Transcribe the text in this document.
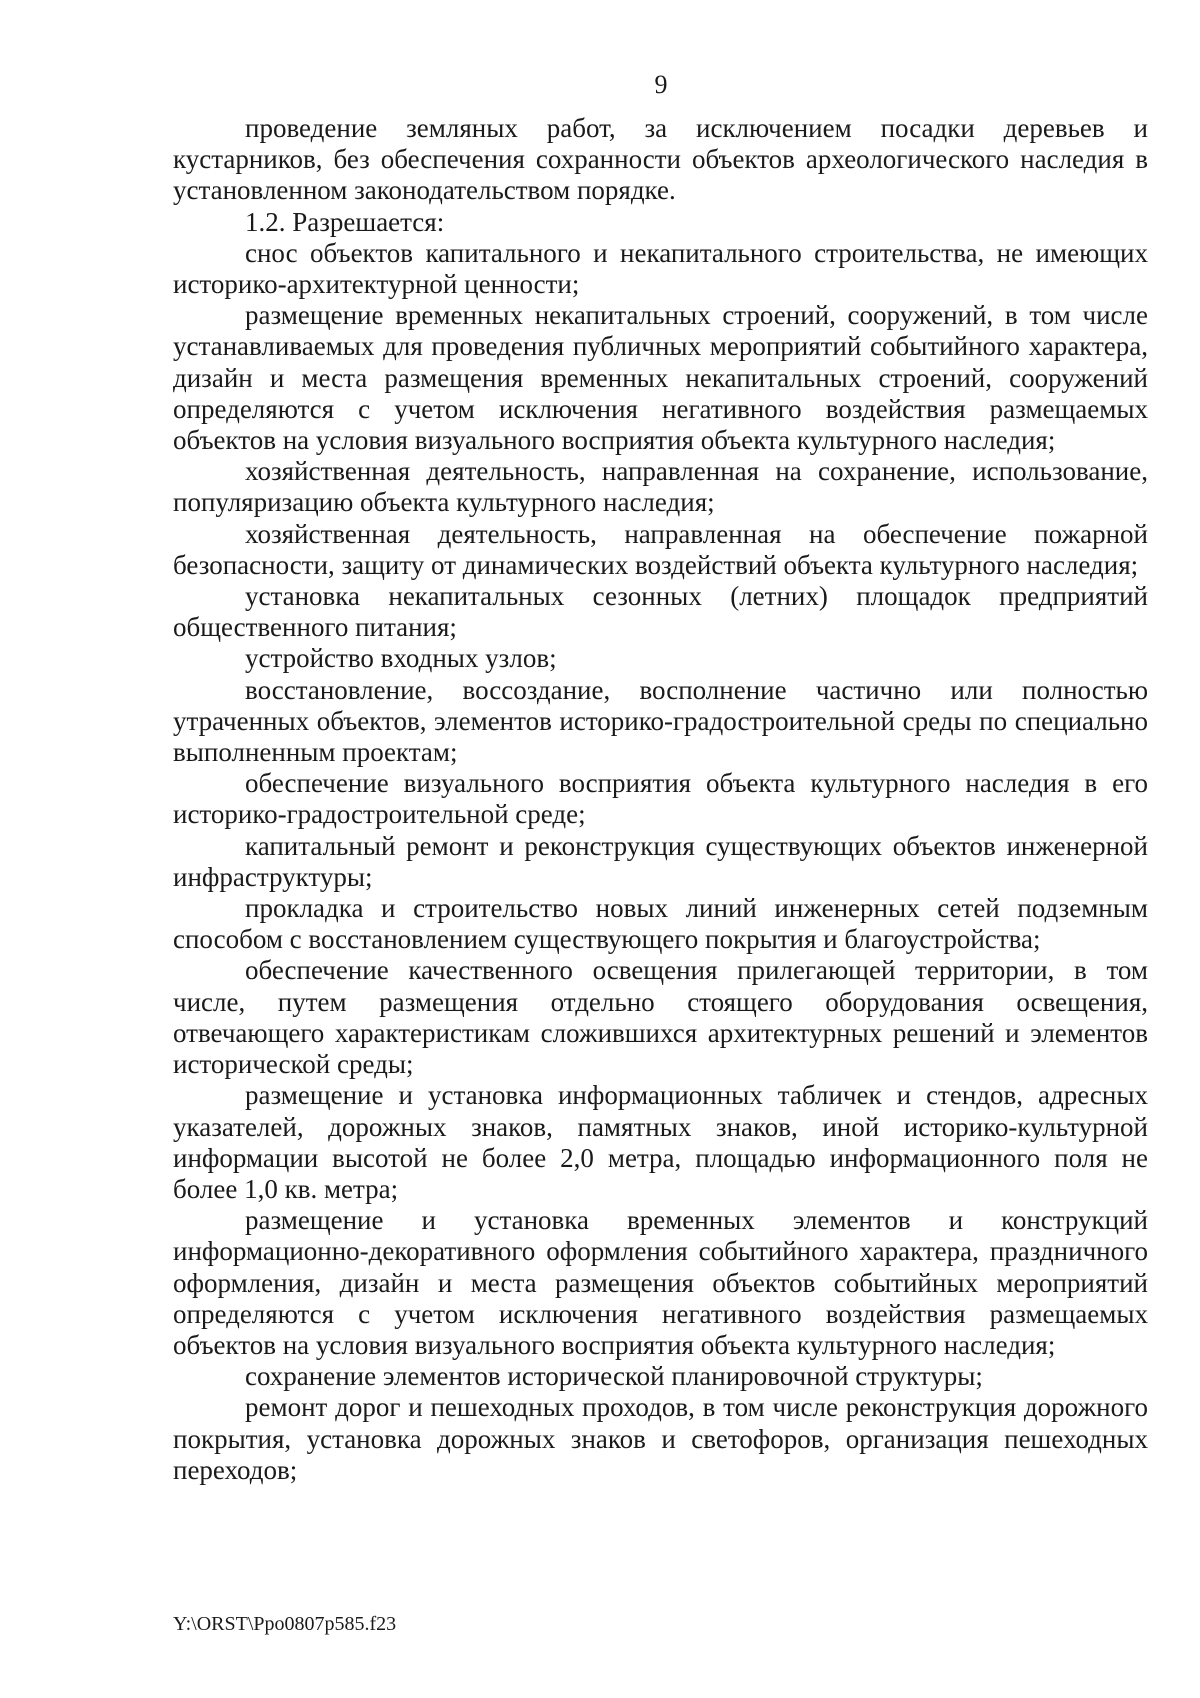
9

проведение земляных работ, за исключением посадки деревьев и кустарников, без обеспечения сохранности объектов археологического наследия в установленном законодательством порядке.

1.2. Разрешается:

снос объектов капитального и некапитального строительства, не имеющих историко-архитектурной ценности;

размещение временных некапитальных строений, сооружений, в том числе устанавливаемых для проведения публичных мероприятий событийного характера, дизайн и места размещения временных некапитальных строений, сооружений определяются с учетом исключения негативного воздействия размещаемых объектов на условия визуального восприятия объекта культурного наследия;

хозяйственная деятельность, направленная на сохранение, использование, популяризацию объекта культурного наследия;

хозяйственная деятельность, направленная на обеспечение пожарной безопасности, защиту от динамических воздействий объекта культурного наследия;

установка некапитальных сезонных (летних) площадок предприятий общественного питания;

устройство входных узлов;

восстановление, воссоздание, восполнение частично или полностью утраченных объектов, элементов историко-градостроительной среды по специально выполненным проектам;

обеспечение визуального восприятия объекта культурного наследия в его историко-градостроительной среде;

капитальный ремонт и реконструкция существующих объектов инженерной инфраструктуры;

прокладка и строительство новых линий инженерных сетей подземным способом с восстановлением существующего покрытия и благоустройства;

обеспечение качественного освещения прилегающей территории, в том числе, путем размещения отдельно стоящего оборудования освещения, отвечающего характеристикам сложившихся архитектурных решений и элементов исторической среды;

размещение и установка информационных табличек и стендов, адресных указателей, дорожных знаков, памятных знаков, иной историко-культурной информации высотой не более 2,0 метра, площадью информационного поля не более 1,0 кв. метра;

размещение и установка временных элементов и конструкций информационно-декоративного оформления событийного характера, праздничного оформления, дизайн и места размещения объектов событийных мероприятий определяются с учетом исключения негативного воздействия размещаемых объектов на условия визуального восприятия объекта культурного наследия;

сохранение элементов исторической планировочной структуры;

ремонт дорог и пешеходных проходов, в том числе реконструкция дорожного покрытия, установка дорожных знаков и светофоров, организация пешеходных переходов;

Y:\ORST\Ppo0807p585.f23
